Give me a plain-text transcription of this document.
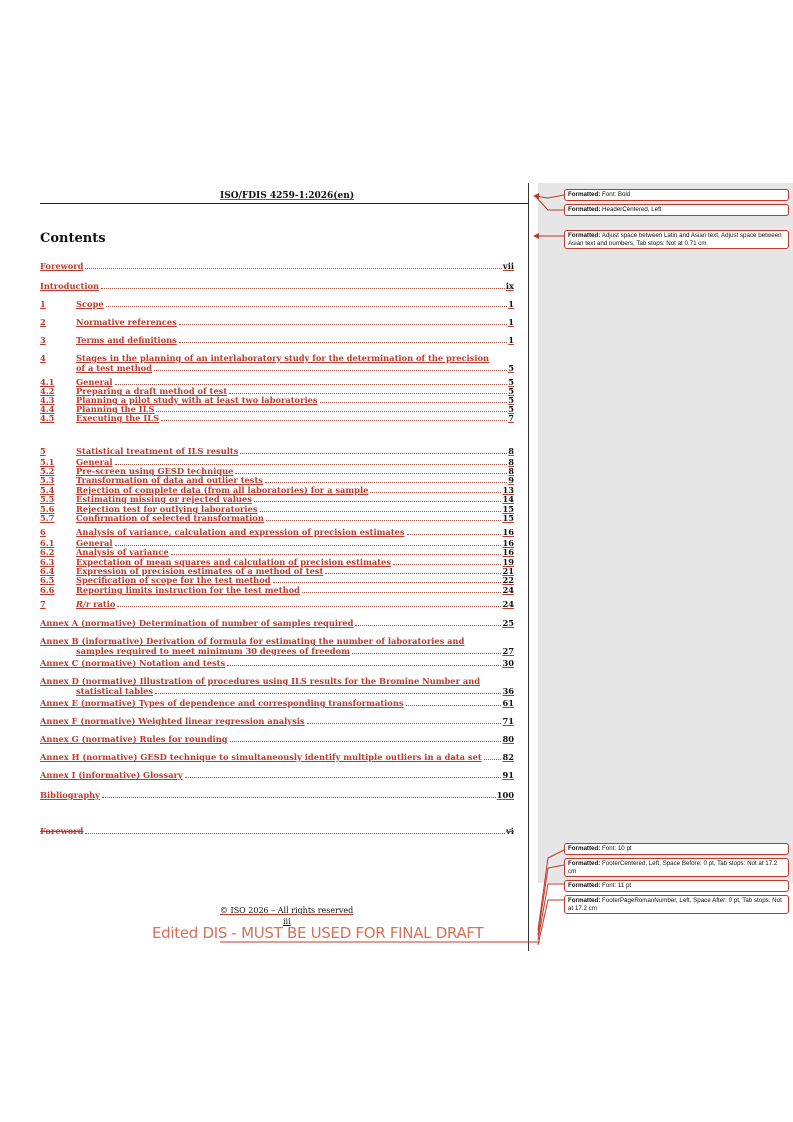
ISO/FDIS 4259-1:2026(en)
Contents
Foreword	vii
Introduction	ix
1	Scope	1
2	Normative references	1
3	Terms and definitions	1
4	Stages in the planning of an interlaboratory study for the determination of the precision
of a test method	5
4.1	General	5
4.2	Preparing a draft method of test	5
4.3	Planning a pilot study with at least two laboratories	5
4.4	Planning the ILS	5
4.5	Executing the ILS	7
5	Statistical treatment of ILS results	8
5.1	General	8
5.2	Pre-screen using GESD technique	8
5.3	Transformation of data and outlier tests	9
5.4	Rejection of complete data (from all laboratories) for a sample	13
5.5	Estimating missing or rejected values	14
5.6	Rejection test for outlying laboratories	15
5.7	Confirmation of selected transformation	15
6	Analysis of variance, calculation and expression of precision estimates	16
6.1	General	16
6.2	Analysis of variance	16
6.3	Expectation of mean squares and calculation of precision estimates	19
6.4	Expression of precision estimates of a method of test	21
6.5	Specification of scope for the test method	22
6.6	Reporting limits instruction for the test method	24
7	R/r ratio	24
Annex A (normative) Determination of number of samples required	25
Annex B (informative) Derivation of formula for estimating the number of laboratories and
samples required to meet minimum 30 degrees of freedom	27
Annex C (normative) Notation and tests	30
Annex D (normative) Illustration of procedures using ILS results for the Bromine Number and
statistical tables	36
Annex E (normative) Types of dependence and corresponding transformations	61
Annex F (normative) Weighted linear regression analysis	71
Annex G (normative) Rules for rounding	80
Annex H (normative) GESD technique to simultaneously identify multiple outliers in a data set	82
Annex I (informative) Glossary	91
Bibliography	100
Foreword	vi
© ISO 2026 – All rights reserved
iii
Edited DIS - MUST BE USED FOR FINAL DRAFT
Formatted: Font: Bold
Formatted: HeaderCentered, Left
Formatted: Adjust space between Latin and Asian text, Adjust space between Asian text and numbers, Tab stops: Not at 0.71 cm
Formatted: Font: 10 pt
Formatted: FooterCentered, Left, Space Before: 0 pt, Tab stops: Not at 17.2 cm
Formatted: Font: 11 pt
Formatted: FooterPageRomanNumber, Left, Space After: 0 pt, Tab stops: Not at 17.2 cm
